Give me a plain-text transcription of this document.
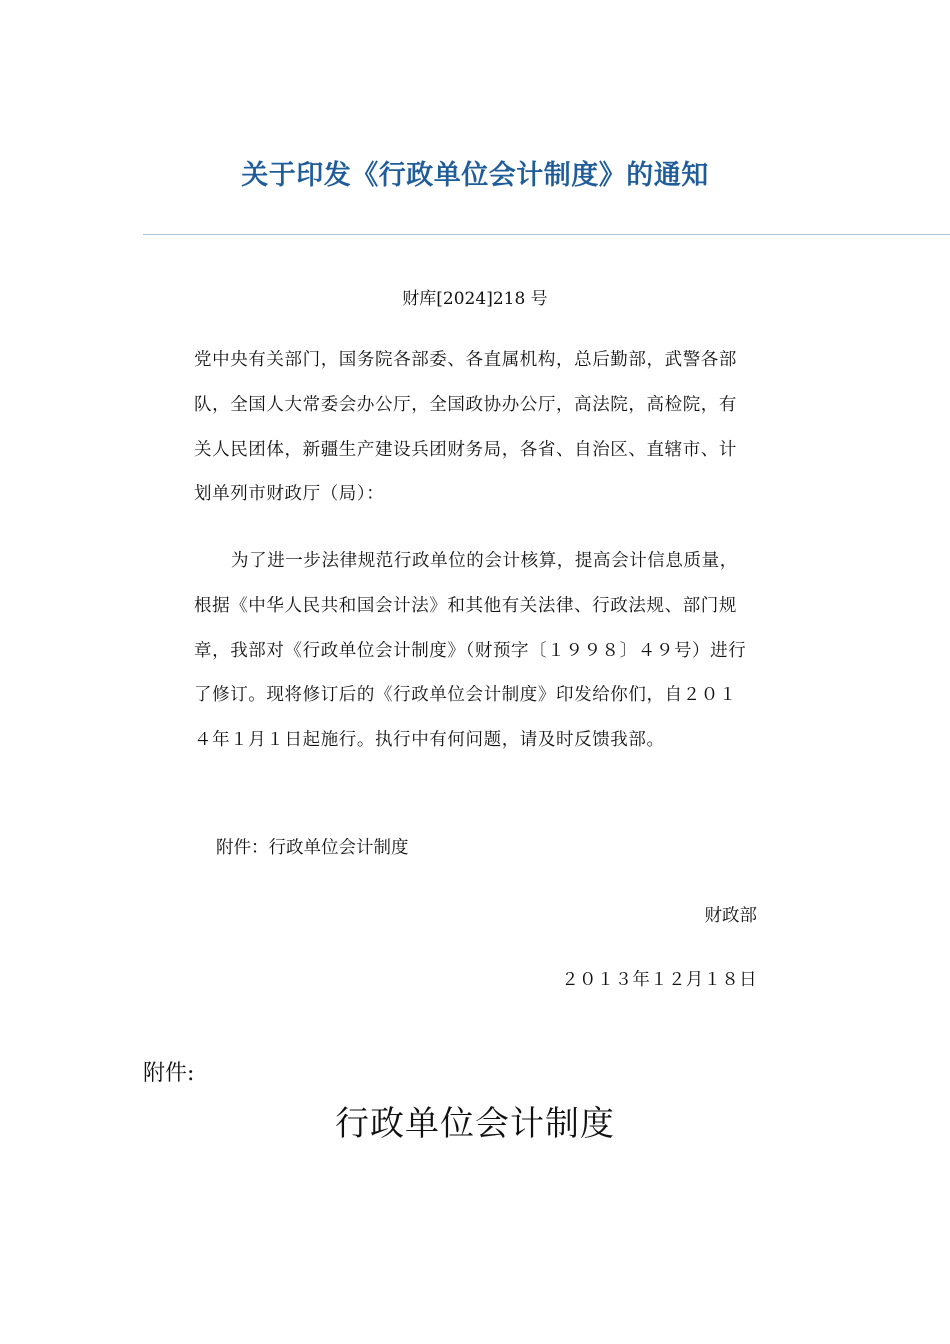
关于印发《行政单位会计制度》的通知
财库[2024]218 号
党中央有关部门，国务院各部委、各直属机构，总后勤部，武警各部队，全国人大常委会办公厅，全国政协办公厅，高法院，高检院，有关人民团体，新疆生产建设兵团财务局，各省、自治区、直辖市、计划单列市财政厅（局）：
为了进一步法律规范行政单位的会计核算，提高会计信息质量，根据《中华人民共和国会计法》和其他有关法律、行政法规、部门规章，我部对《行政单位会计制度》（财预字〔１９９８〕４９号）进行了修订。现将修订后的《行政单位会计制度》印发给你们，自２０１４年１月１日起施行。执行中有何问题，请及时反馈我部。
附件：行政单位会计制度
财政部
２０１３年１２月１８日
附件:
行政单位会计制度
